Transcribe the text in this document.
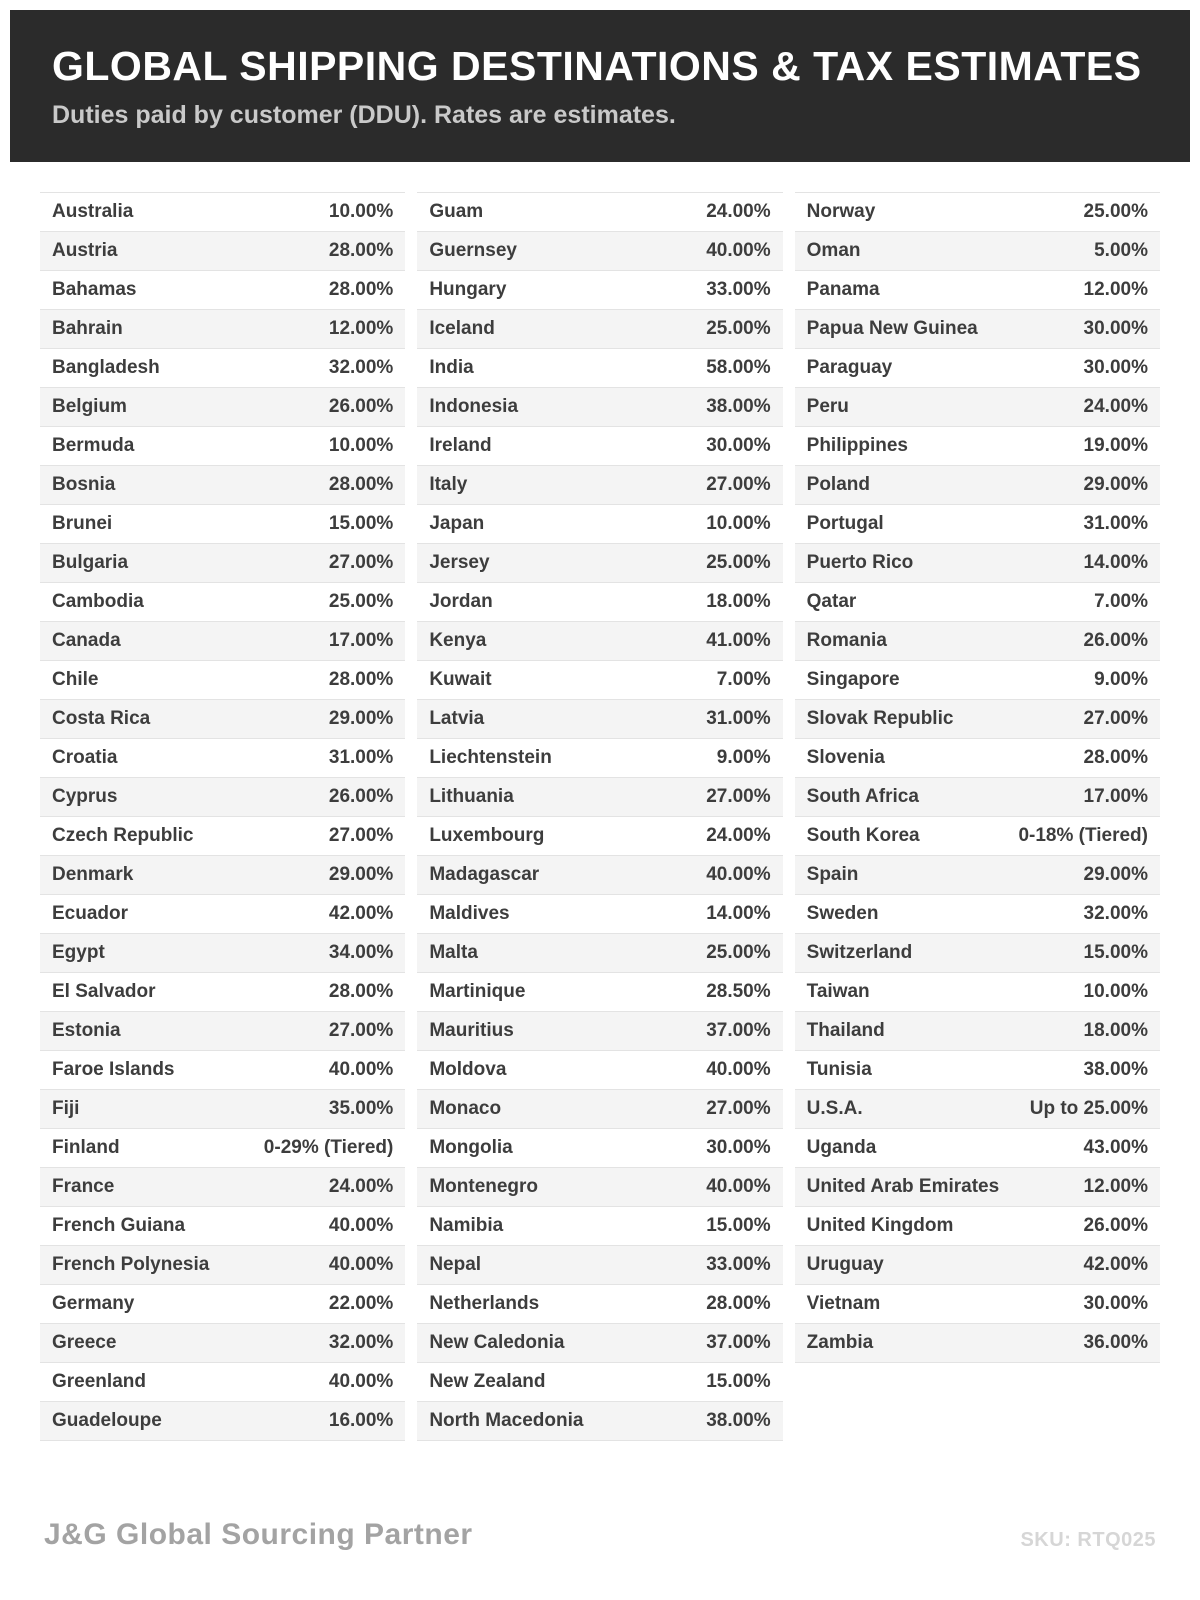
GLOBAL SHIPPING DESTINATIONS & TAX ESTIMATES
Duties paid by customer (DDU). Rates are estimates.
Australia	10.00%
Austria	28.00%
Bahamas	28.00%
Bahrain	12.00%
Bangladesh	32.00%
Belgium	26.00%
Bermuda	10.00%
Bosnia	28.00%
Brunei	15.00%
Bulgaria	27.00%
Cambodia	25.00%
Canada	17.00%
Chile	28.00%
Costa Rica	29.00%
Croatia	31.00%
Cyprus	26.00%
Czech Republic	27.00%
Denmark	29.00%
Ecuador	42.00%
Egypt	34.00%
El Salvador	28.00%
Estonia	27.00%
Faroe Islands	40.00%
Fiji	35.00%
Finland	0-29% (Tiered)
France	24.00%
French Guiana	40.00%
French Polynesia	40.00%
Germany	22.00%
Greece	32.00%
Greenland	40.00%
Guadeloupe	16.00%
Guam	24.00%
Guernsey	40.00%
Hungary	33.00%
Iceland	25.00%
India	58.00%
Indonesia	38.00%
Ireland	30.00%
Italy	27.00%
Japan	10.00%
Jersey	25.00%
Jordan	18.00%
Kenya	41.00%
Kuwait	7.00%
Latvia	31.00%
Liechtenstein	9.00%
Lithuania	27.00%
Luxembourg	24.00%
Madagascar	40.00%
Maldives	14.00%
Malta	25.00%
Martinique	28.50%
Mauritius	37.00%
Moldova	40.00%
Monaco	27.00%
Mongolia	30.00%
Montenegro	40.00%
Namibia	15.00%
Nepal	33.00%
Netherlands	28.00%
New Caledonia	37.00%
New Zealand	15.00%
North Macedonia	38.00%
Norway	25.00%
Oman	5.00%
Panama	12.00%
Papua New Guinea	30.00%
Paraguay	30.00%
Peru	24.00%
Philippines	19.00%
Poland	29.00%
Portugal	31.00%
Puerto Rico	14.00%
Qatar	7.00%
Romania	26.00%
Singapore	9.00%
Slovak Republic	27.00%
Slovenia	28.00%
South Africa	17.00%
South Korea	0-18% (Tiered)
Spain	29.00%
Sweden	32.00%
Switzerland	15.00%
Taiwan	10.00%
Thailand	18.00%
Tunisia	38.00%
U.S.A.	Up to 25.00%
Uganda	43.00%
United Arab Emirates	12.00%
United Kingdom	26.00%
Uruguay	42.00%
Vietnam	30.00%
Zambia	36.00%
J&G Global Sourcing Partner	SKU: RTQ025
